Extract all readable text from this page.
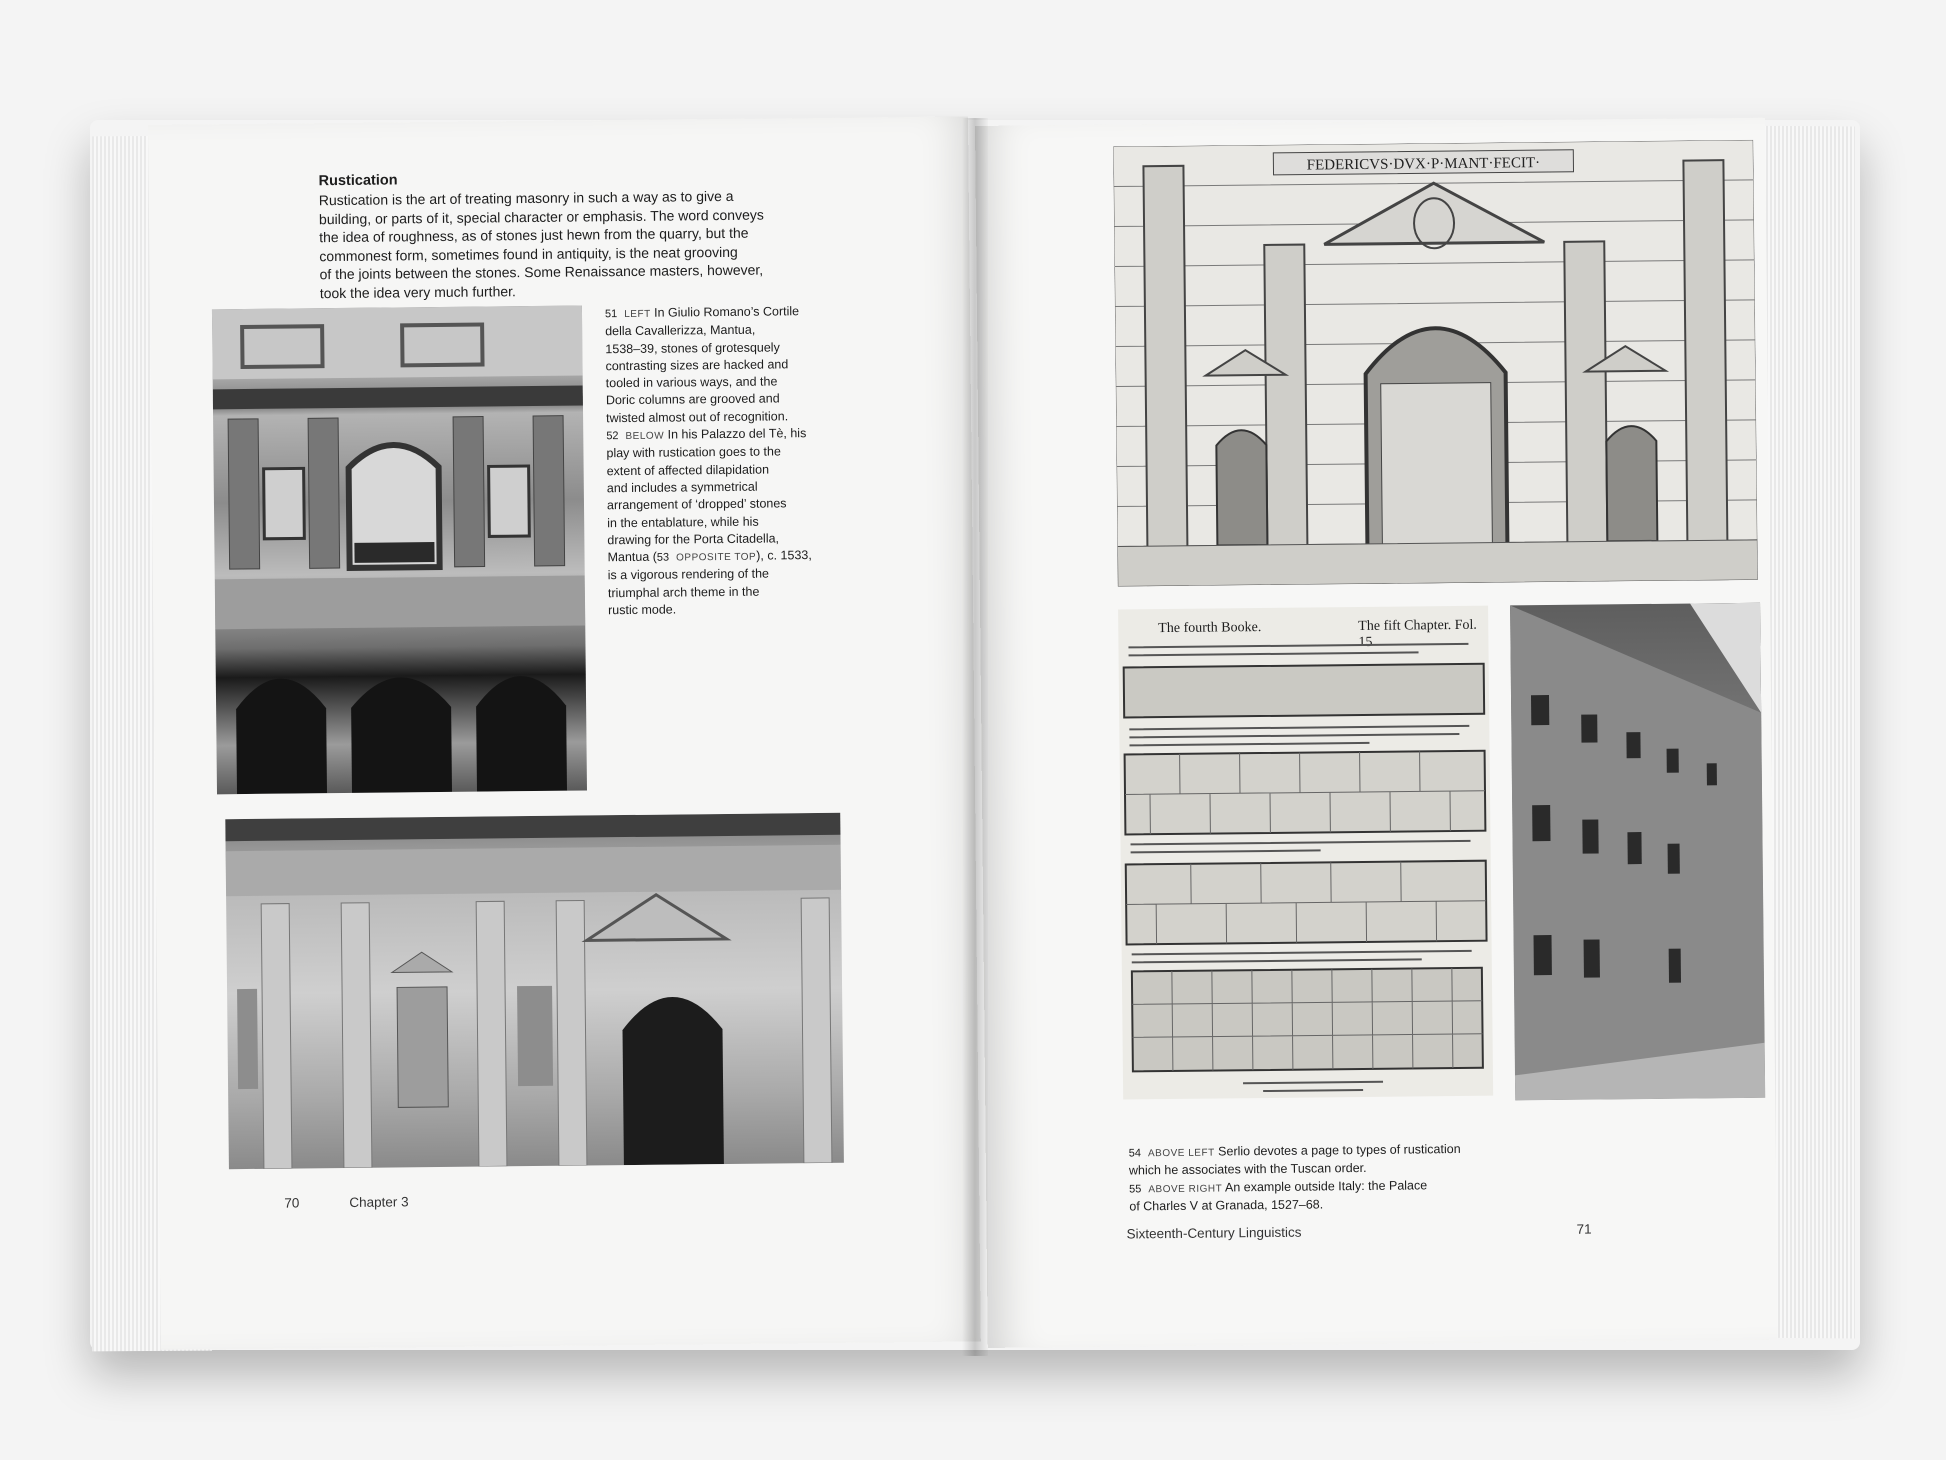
Rustication

Rustication is the art of treating masonry in such a way as to give a

building, or parts of it, special character or emphasis. The word conveys

the idea of roughness, as of stones just hewn from the quarry, but the

commonest form, sometimes found in antiquity, is the neat grooving

of the joints between the stones. Some Renaissance masters, however,

took the idea very much further.

51 LEFT In Giulio Romano’s Cortile
della Cavallerizza, Mantua,
1538–39, stones of grotesquely
contrasting sizes are hacked and
tooled in various ways, and the
Doric columns are grooved and
twisted almost out of recognition.
52 BELOW In his Palazzo del Tè, his
play with rustication goes to the
extent of affected dilapidation
and includes a symmetrical
arrangement of ‘dropped’ stones
in the entablature, while his
drawing for the Porta Citadella,
Mantua (53 OPPOSITE TOP), c. 1533,
is a vigorous rendering of the
triumphal arch theme in the
rustic mode.
70	Chapter 3
FEDERICVS·DVX·P·MANT·FECIT·
The fourth Booke.	The fift Chapter. Fol. 15
54 ABOVE LEFT Serlio devotes a page to types of rustication
which he associates with the Tuscan order.
55 ABOVE RIGHT An example outside Italy: the Palace
of Charles V at Granada, 1527–68.
Sixteenth-Century Linguistics	71
